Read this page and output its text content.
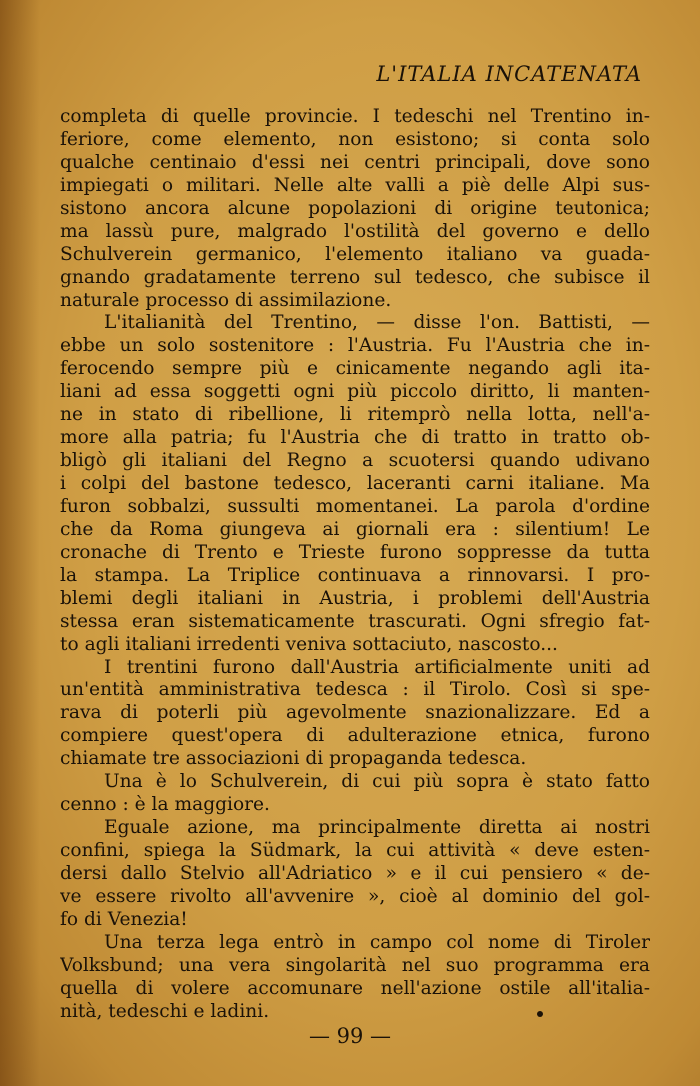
L'ITALIA INCATENATA
completa di quelle provincie. I tedeschi nel Trentino in-
feriore, come elemento, non esistono; si conta solo
qualche centinaio d'essi nei centri principali, dove sono
impiegati o militari. Nelle alte valli a piè delle Alpi sus-
sistono ancora alcune popolazioni di origine teutonica;
ma lassù pure, malgrado l'ostilità del governo e dello
Schulverein germanico, l'elemento italiano va guada-
gnando gradatamente terreno sul tedesco, che subisce il
naturale processo di assimilazione.
L'italianità del Trentino, — disse l'on. Battisti, —
ebbe un solo sostenitore : l'Austria. Fu l'Austria che in-
ferocendo sempre più e cinicamente negando agli ita-
liani ad essa soggetti ogni più piccolo diritto, li manten-
ne in stato di ribellione, li ritemprò nella lotta, nell'a-
more alla patria; fu l'Austria che di tratto in tratto ob-
bligò gli italiani del Regno a scuotersi quando udivano
i colpi del bastone tedesco, laceranti carni italiane. Ma
furon sobbalzi, sussulti momentanei. La parola d'ordine
che da Roma giungeva ai giornali era : silentium! Le
cronache di Trento e Trieste furono soppresse da tutta
la stampa. La Triplice continuava a rinnovarsi. I pro-
blemi degli italiani in Austria, i problemi dell'Austria
stessa eran sistematicamente trascurati. Ogni sfregio fat-
to agli italiani irredenti veniva sottaciuto, nascosto...
I trentini furono dall'Austria artificialmente uniti ad
un'entità amministrativa tedesca : il Tirolo. Così si spe-
rava di poterli più agevolmente snazionalizzare. Ed a
compiere quest'opera di adulterazione etnica, furono
chiamate tre associazioni di propaganda tedesca.
Una è lo Schulverein, di cui più sopra è stato fatto
cenno : è la maggiore.
Eguale azione, ma principalmente diretta ai nostri
confini, spiega la Südmark, la cui attività « deve esten-
dersi dallo Stelvio all'Adriatico » e il cui pensiero « de-
ve essere rivolto all'avvenire », cioè al dominio del gol-
fo di Venezia!
Una terza lega entrò in campo col nome di Tiroler
Volksbund; una vera singolarità nel suo programma era
quella di volere accomunare nell'azione ostile all'italia-
nità, tedeschi e ladini.
— 99 —
